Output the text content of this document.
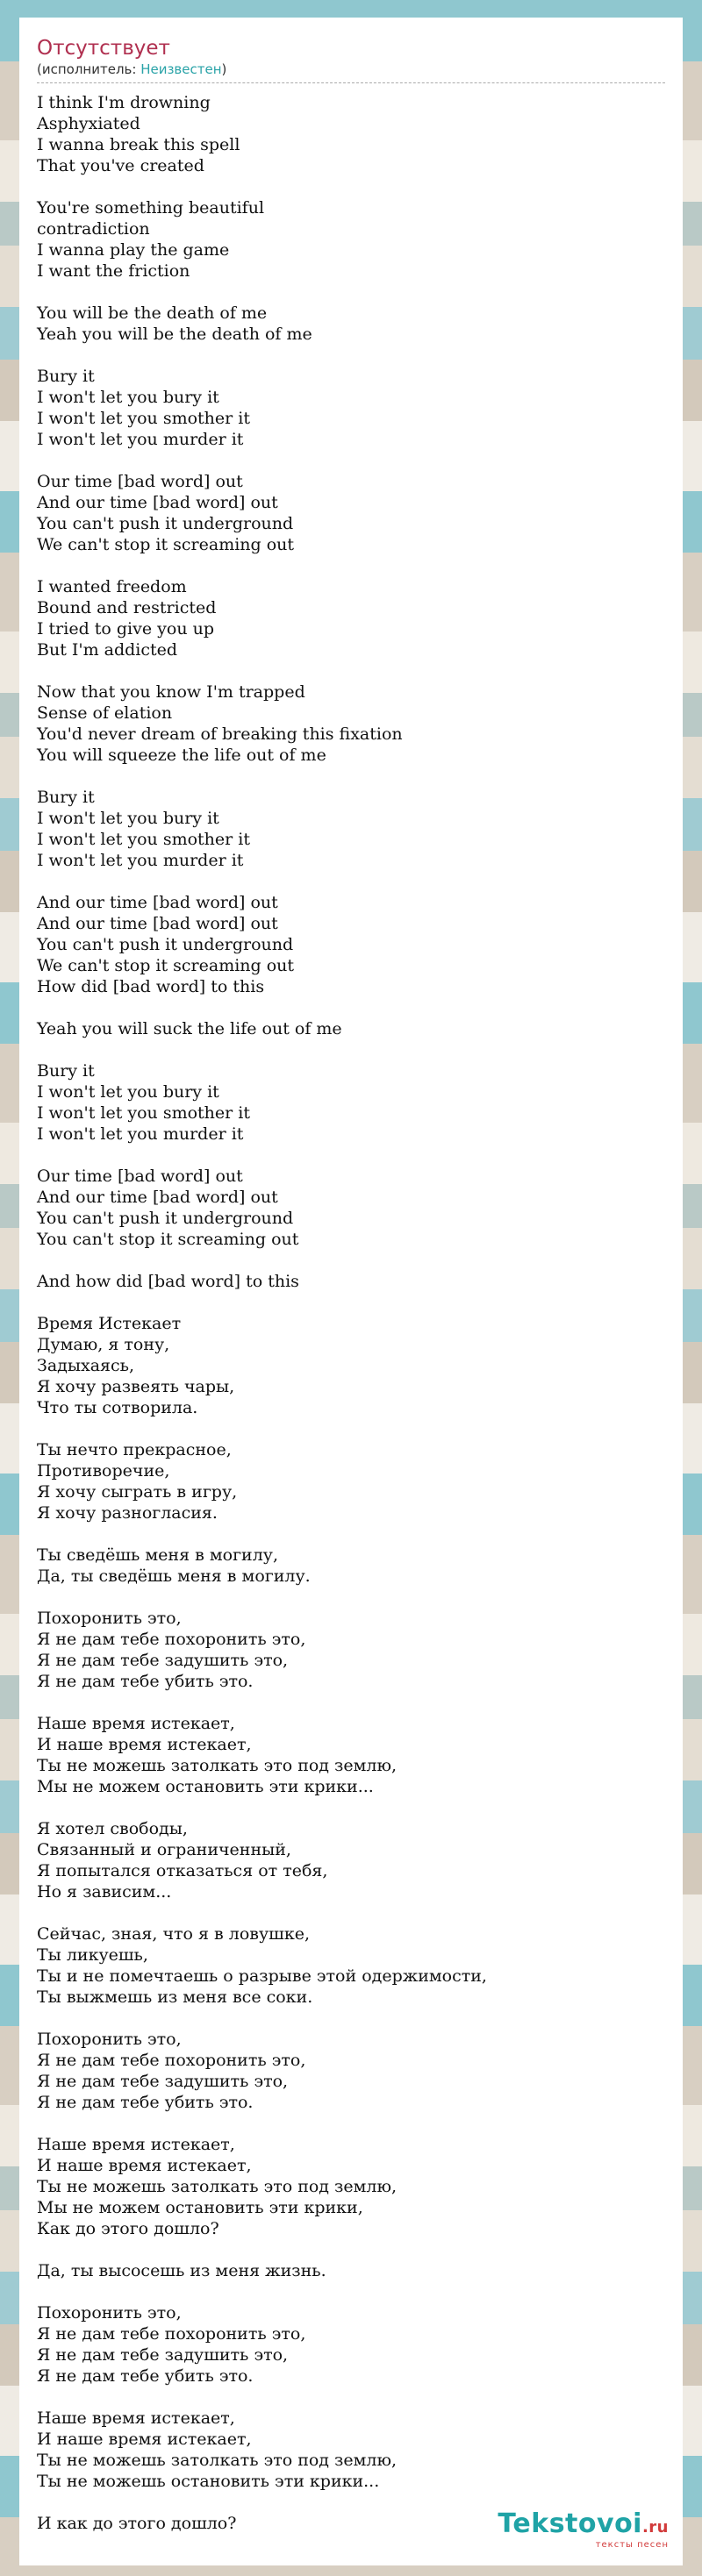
Отсутствует
(исполнитель: Неизвестен)
I think I'm drowning
Asphyxiated
I wanna break this spell
That you've created

You're something beautiful
contradiction
I wanna play the game
I want the friction

You will be the death of me
Yeah you will be the death of me

Bury it
I won't let you bury it
I won't let you smother it
I won't let you murder it

Our time [bad word] out
And our time [bad word] out
You can't push it underground
We can't stop it screaming out

I wanted freedom
Bound and restricted
I tried to give you up
But I'm addicted

Now that you know I'm trapped
Sense of elation
You'd never dream of breaking this fixation
You will squeeze the life out of me

Bury it
I won't let you bury it
I won't let you smother it
I won't let you murder it

And our time [bad word] out
And our time [bad word] out
You can't push it underground
We can't stop it screaming out
How did [bad word] to this

Yeah you will suck the life out of me

Bury it
I won't let you bury it
I won't let you smother it
I won't let you murder it

Our time [bad word] out
And our time [bad word] out
You can't push it underground
You can't stop it screaming out

And how did [bad word] to this

Время Истекает
Думаю, я тону,
Задыхаясь,
Я хочу развеять чары,
Что ты сотворила.

Ты нечто прекрасное,
Противоречие,
Я хочу сыграть в игру,
Я хочу разногласия.

Ты сведёшь меня в могилу,
Да, ты сведёшь меня в могилу.

Похоронить это,
Я не дам тебе похоронить это,
Я не дам тебе задушить это,
Я не дам тебе убить это.

Наше время истекает,
И наше время истекает,
Ты не можешь затолкать это под землю,
Мы не можем остановить эти крики...

Я хотел свободы,
Связанный и ограниченный,
Я попытался отказаться от тебя,
Но я зависим...

Сейчас, зная, что я в ловушке,
Ты ликуешь,
Ты и не помечтаешь о разрыве этой одержимости,
Ты выжмешь из меня все соки.

Похоронить это,
Я не дам тебе похоронить это,
Я не дам тебе задушить это,
Я не дам тебе убить это.

Наше время истекает,
И наше время истекает,
Ты не можешь затолкать это под землю,
Мы не можем остановить эти крики,
Как до этого дошло?

Да, ты высосешь из меня жизнь.

Похоронить это,
Я не дам тебе похоронить это,
Я не дам тебе задушить это,
Я не дам тебе убить это.

Наше время истекает,
И наше время истекает,
Ты не можешь затолкать это под землю,
Ты не можешь остановить эти крики...

И как до этого дошло?	Tekstovoi.ru
тексты песен
